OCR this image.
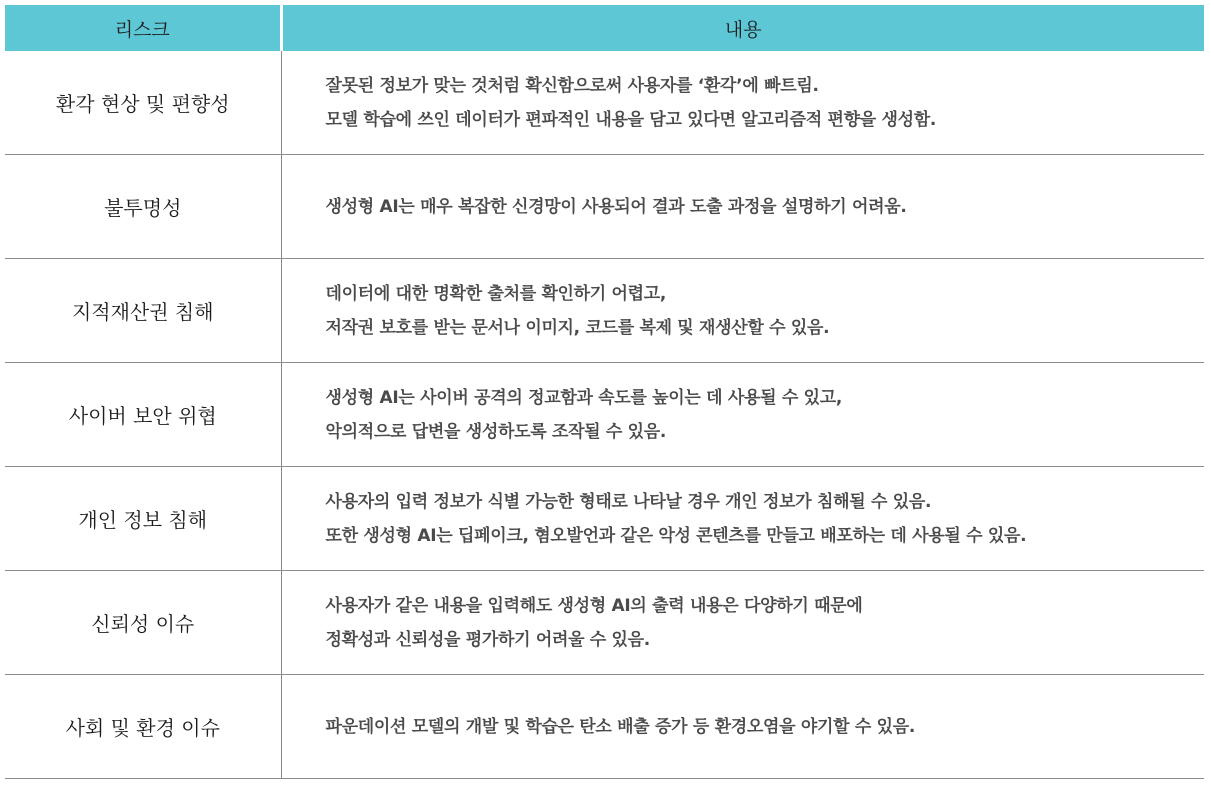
리스크	내용
환각 현상 및 편향성	잘못된 정보가 맞는 것처럼 확신함으로써 사용자를 ‘환각’에 빠트림.
모델 학습에 쓰인 데이터가 편파적인 내용을 담고 있다면 알고리즘적 편향을 생성함.

불투명성	생성형 AI는 매우 복잡한 신경망이 사용되어 결과 도출 과정을 설명하기 어려움.

지적재산권 침해	데이터에 대한 명확한 출처를 확인하기 어렵고,
저작권 보호를 받는 문서나 이미지, 코드를 복제 및 재생산할 수 있음.

사이버 보안 위협	생성형 AI는 사이버 공격의 정교함과 속도를 높이는 데 사용될 수 있고,
악의적으로 답변을 생성하도록 조작될 수 있음.

개인 정보 침해	사용자의 입력 정보가 식별 가능한 형태로 나타날 경우 개인 정보가 침해될 수 있음.
또한 생성형 AI는 딥페이크, 혐오발언과 같은 악성 콘텐츠를 만들고 배포하는 데 사용될 수 있음.

신뢰성 이슈	사용자가 같은 내용을 입력해도 생성형 AI의 출력 내용은 다양하기 때문에
정확성과 신뢰성을 평가하기 어려울 수 있음.

사회 및 환경 이슈	파운데이션 모델의 개발 및 학습은 탄소 배출 증가 등 환경오염을 야기할 수 있음.
